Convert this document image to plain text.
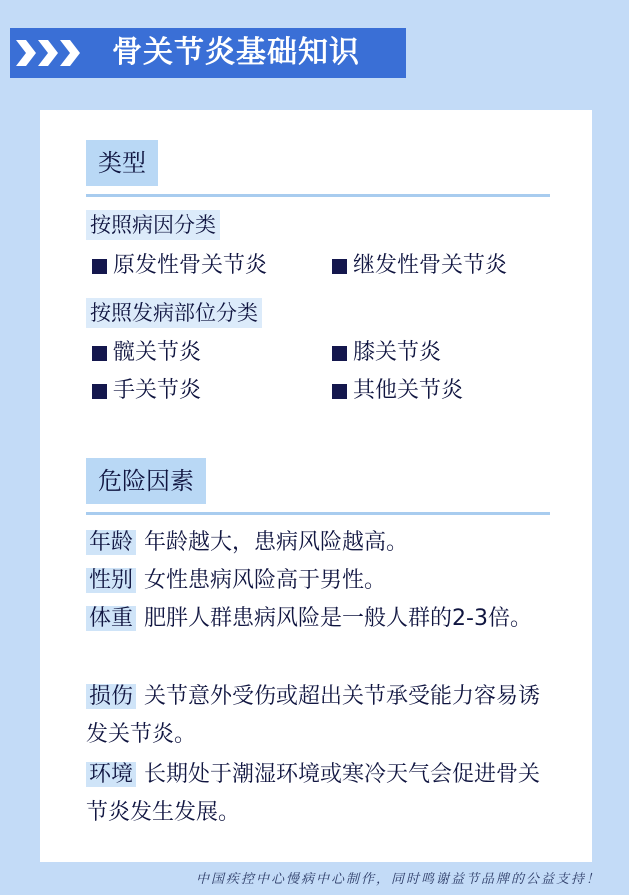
骨关节炎基础知识
类型
按照病因分类
原发性骨关节炎	继发性骨关节炎
按照发病部位分类
髋关节炎	膝关节炎
手关节炎	其他关节炎
危险因素
年龄 年龄越大，患病风险越高。
性别 女性患病风险高于男性。
体重 肥胖人群患病风险是一般人群的2-3倍。
损伤 关节意外受伤或超出关节承受能力容易诱发关节炎。
环境 长期处于潮湿环境或寒冷天气会促进骨关节炎发生发展。
中国疾控中心慢病中心制作，同时鸣谢益节品牌的公益支持！
